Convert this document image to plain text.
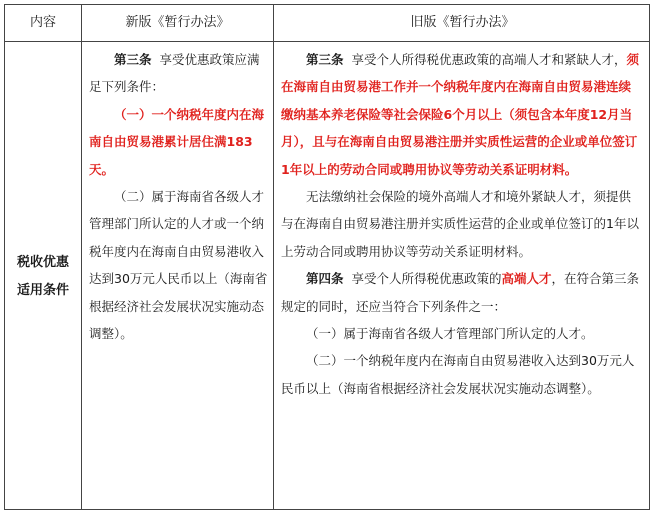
内容	新版《暂行办法》	旧版《暂行办法》
税收优惠
适用条件

第三条 享受优惠政策应满足下列条件：

（一）一个纳税年度内在海南自由贸易港累计居住满183天。

（二）属于海南省各级人才管理部门所认定的人才或一个纳税年度内在海南自由贸易港收入达到30万元人民币以上（海南省根据经济社会发展状况实施动态调整）。

第三条 享受个人所得税优惠政策的高端人才和紧缺人才，须在海南自由贸易港工作并一个纳税年度内在海南自由贸易港连续缴纳基本养老保险等社会保险6个月以上（须包含本年度12月当月），且与在海南自由贸易港注册并实质性运营的企业或单位签订1年以上的劳动合同或聘用协议等劳动关系证明材料。

无法缴纳社会保险的境外高端人才和境外紧缺人才，须提供与在海南自由贸易港注册并实质性运营的企业或单位签订的1年以上劳动合同或聘用协议等劳动关系证明材料。

第四条 享受个人所得税优惠政策的高端人才，在符合第三条规定的同时，还应当符合下列条件之一：

（一）属于海南省各级人才管理部门所认定的人才。

（二）一个纳税年度内在海南自由贸易港收入达到30万元人民币以上（海南省根据经济社会发展状况实施动态调整）。
